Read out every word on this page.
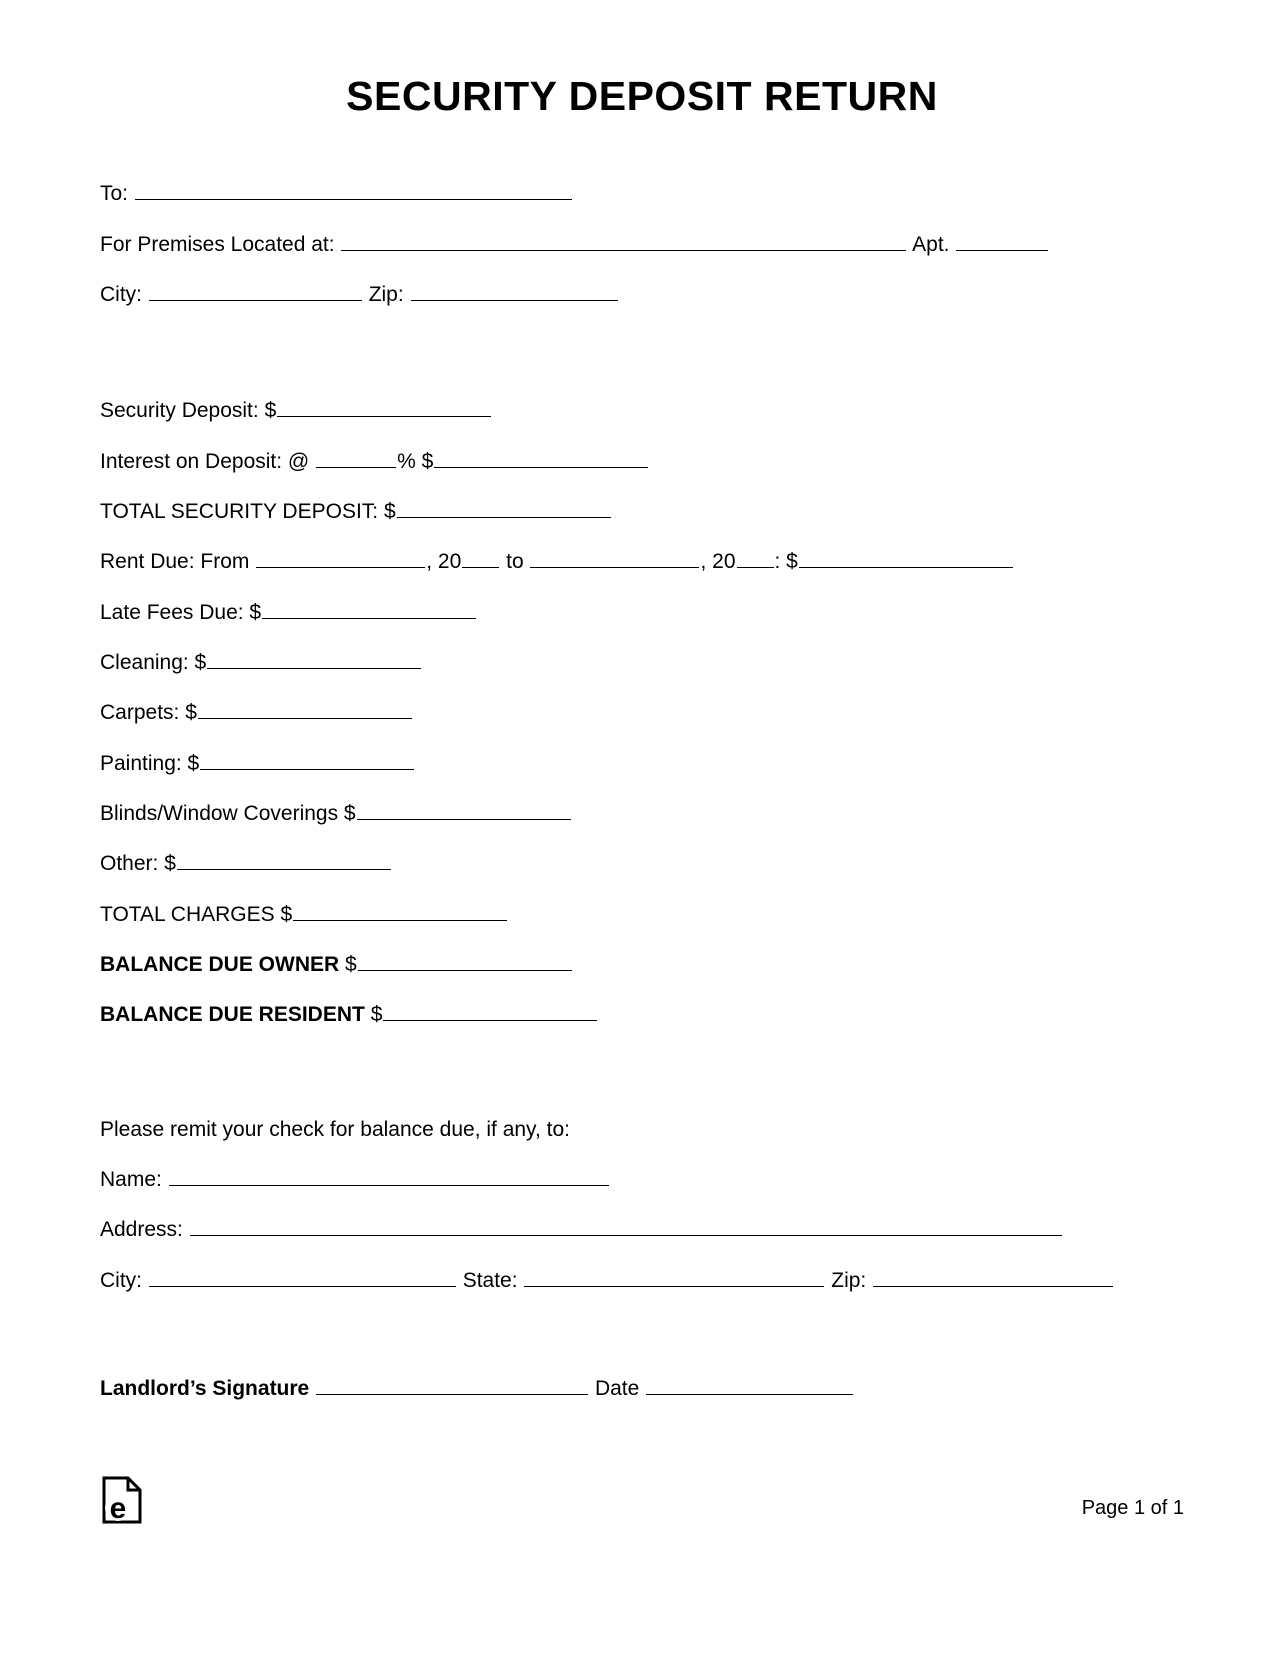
SECURITY DEPOSIT RETURN
To:
For Premises Located at:	Apt.
City:	Zip:
Security Deposit: $
Interest on Deposit: @	% $
TOTAL SECURITY DEPOSIT: $
Rent Due: From	, 20 to	, 20 : $
Late Fees Due: $
Cleaning: $
Carpets: $
Painting: $
Blinds/Window Coverings $
Other: $
TOTAL CHARGES $
BALANCE DUE OWNER $
BALANCE DUE RESIDENT $
Please remit your check for balance due, if any, to:
Name:
Address:
City:	State:	Zip:
Landlord’s Signature	Date
e	Page 1 of 1
